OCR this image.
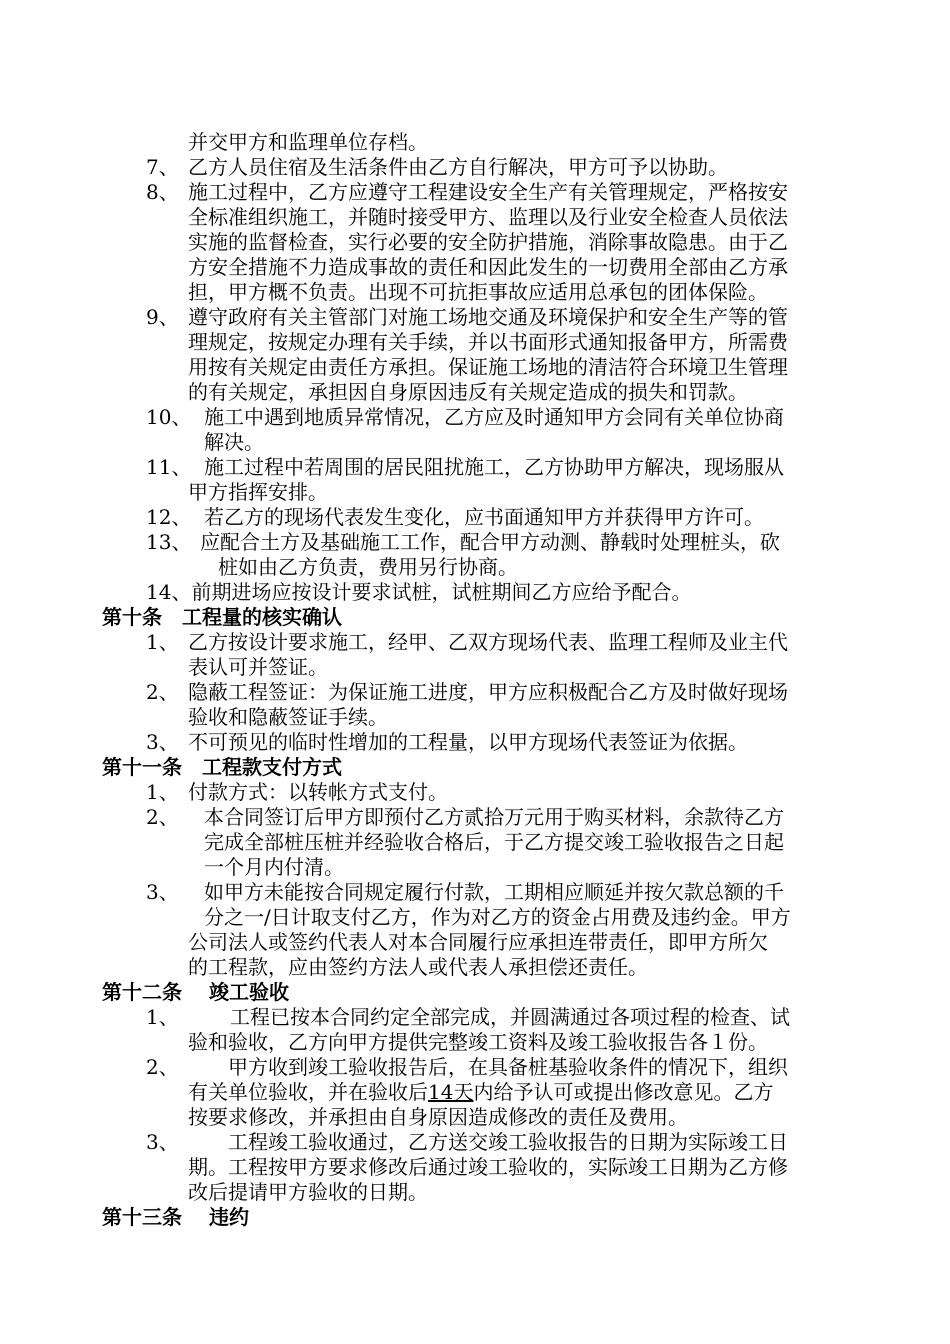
并交甲方和监理单位存档。
7、 乙方人员住宿及生活条件由乙方自行解决，甲方可予以协助。
8、 施工过程中，乙方应遵守工程建设安全生产有关管理规定，严格按安
全标准组织施工，并随时接受甲方、监理以及行业安全检查人员依法
实施的监督检查，实行必要的安全防护措施，消除事故隐患。由于乙
方安全措施不力造成事故的责任和因此发生的一切费用全部由乙方承
担，甲方概不负责。出现不可抗拒事故应适用总承包的团体保险。
9、 遵守政府有关主管部门对施工场地交通及环境保护和安全生产等的管
理规定，按规定办理有关手续，并以书面形式通知报备甲方，所需费
用按有关规定由责任方承担。保证施工场地的清洁符合环境卫生管理
的有关规定，承担因自身原因违反有关规定造成的损失和罚款。
10、 施工中遇到地质异常情况，乙方应及时通知甲方会同有关单位协商
解决。
11、 施工过程中若周围的居民阻扰施工，乙方协助甲方解决，现场服从
甲方指挥安排。
12、 若乙方的现场代表发生变化，应书面通知甲方并获得甲方许可。
13、 应配合土方及基础施工工作，配合甲方动测、静载时处理桩头，砍
桩如由乙方负责，费用另行协商。
14、前期进场应按设计要求试桩，试桩期间乙方应给予配合。
第十条　工程量的核实确认
1、 乙方按设计要求施工，经甲、乙双方现场代表、监理工程师及业主代
表认可并签证。
2、 隐蔽工程签证：为保证施工进度，甲方应积极配合乙方及时做好现场
验收和隐蔽签证手续。
3、 不可预见的临时性增加的工程量，以甲方现场代表签证为依据。
第十一条　工程款支付方式
1、 付款方式：以转帐方式支付。
2、 本合同签订后甲方即预付乙方贰拾万元用于购买材料，余款待乙方
完成全部桩压桩并经验收合格后，于乙方提交竣工验收报告之日起
一个月内付清。
3、 如甲方未能按合同规定履行付款，工期相应顺延并按欠款总额的千
分之一/日计取支付乙方，作为对乙方的资金占用费及违约金。甲方
公司法人或签约代表人对本合同履行应承担连带责任，即甲方所欠
的工程款，应由签约方法人或代表人承担偿还责任。
第十二条　 竣工验收
1、	工程已按本合同约定全部完成，并圆满通过各项过程的检查、试
验和验收，乙方向甲方提供完整竣工资料及竣工验收报告各１份。
2、 甲方收到竣工验收报告后，在具备桩基验收条件的情况下，组织
有关单位验收，并在验收后14天内给予认可或提出修改意见。乙方
按要求修改，并承担由自身原因造成修改的责任及费用。
3、 工程竣工验收通过，乙方送交竣工验收报告的日期为实际竣工日
期。工程按甲方要求修改后通过竣工验收的，实际竣工日期为乙方修
改后提请甲方验收的日期。
第十三条　 违约
